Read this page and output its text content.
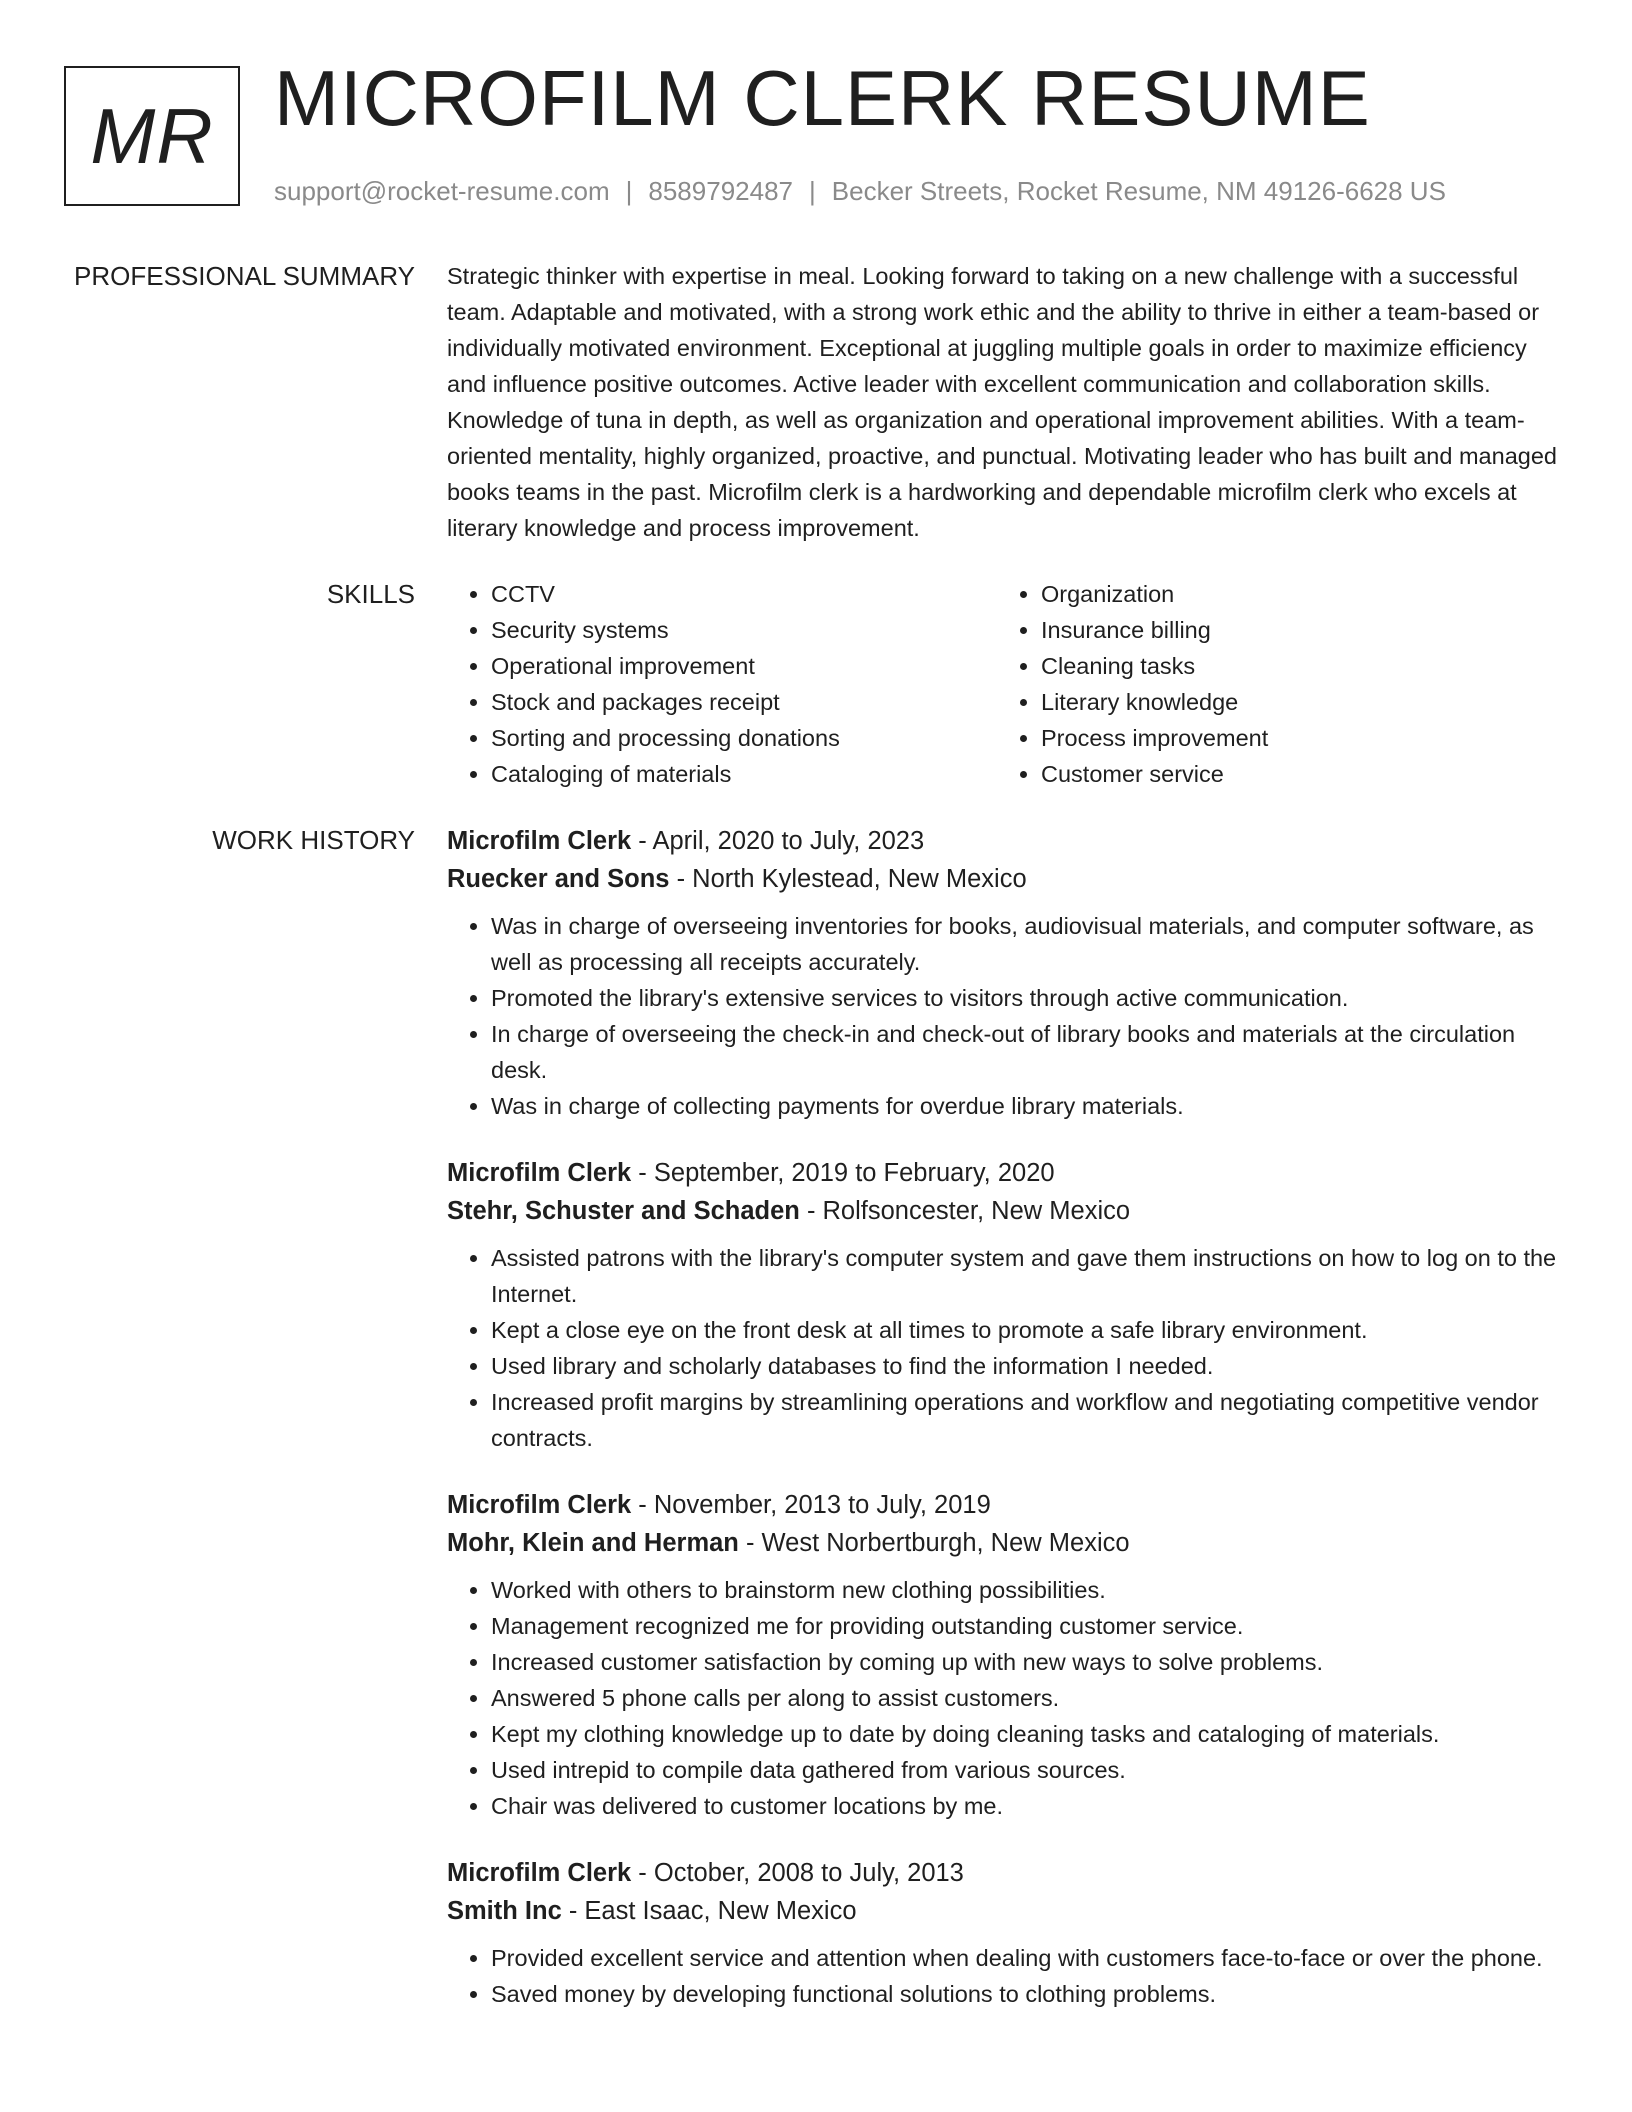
MR MICROFILM CLERK RESUME
support@rocket-resume.com | 8589792487 | Becker Streets, Rocket Resume, NM 49126-6628 US
PROFESSIONAL SUMMARY Strategic thinker with expertise in meal. Looking forward to taking on a new challenge with a successful team. Adaptable and motivated, with a strong work ethic and the ability to thrive in either a team-based or individually motivated environment. Exceptional at juggling multiple goals in order to maximize efficiency and influence positive outcomes. Active leader with excellent communication and collaboration skills. Knowledge of tuna in depth, as well as organization and operational improvement abilities. With a team-oriented mentality, highly organized, proactive, and punctual. Motivating leader who has built and managed books teams in the past. Microfilm clerk is a hardworking and dependable microfilm clerk who excels at literary knowledge and process improvement.
SKILLS
•	CCTV
• Security systems
• Operational improvement
• Stock and packages receipt
• Sorting and processing donations
• Cataloging of materials
• Organization
• Insurance billing
• Cleaning tasks
• Literary knowledge
• Process improvement
• Customer service
WORK HISTORY Microfilm Clerk - April, 2020 to July, 2023
Ruecker and Sons - North Kylestead, New Mexico
• Was in charge of overseeing inventories for books, audiovisual materials, and computer software, as well as processing all receipts accurately.
• Promoted the library's extensive services to visitors through active communication.
• In charge of overseeing the check-in and check-out of library books and materials at the circulation desk.
• Was in charge of collecting payments for overdue library materials.
Microfilm Clerk - September, 2019 to February, 2020
Stehr, Schuster and Schaden - Rolfsoncester, New Mexico
• Assisted patrons with the library's computer system and gave them instructions on how to log on to the Internet.
• Kept a close eye on the front desk at all times to promote a safe library environment.
• Used library and scholarly databases to find the information I needed.
• Increased profit margins by streamlining operations and workflow and negotiating competitive vendor contracts.
Microfilm Clerk - November, 2013 to July, 2019
Mohr, Klein and Herman - West Norbertburgh, New Mexico
• Worked with others to brainstorm new clothing possibilities.
• Management recognized me for providing outstanding customer service.
• Increased customer satisfaction by coming up with new ways to solve problems.
• Answered 5 phone calls per along to assist customers.
• Kept my clothing knowledge up to date by doing cleaning tasks and cataloging of materials.
• Used intrepid to compile data gathered from various sources.
• Chair was delivered to customer locations by me.
Microfilm Clerk - October, 2008 to July, 2013
Smith Inc - East Isaac, New Mexico
• Provided excellent service and attention when dealing with customers face-to-face or over the phone.
• Saved money by developing functional solutions to clothing problems.
